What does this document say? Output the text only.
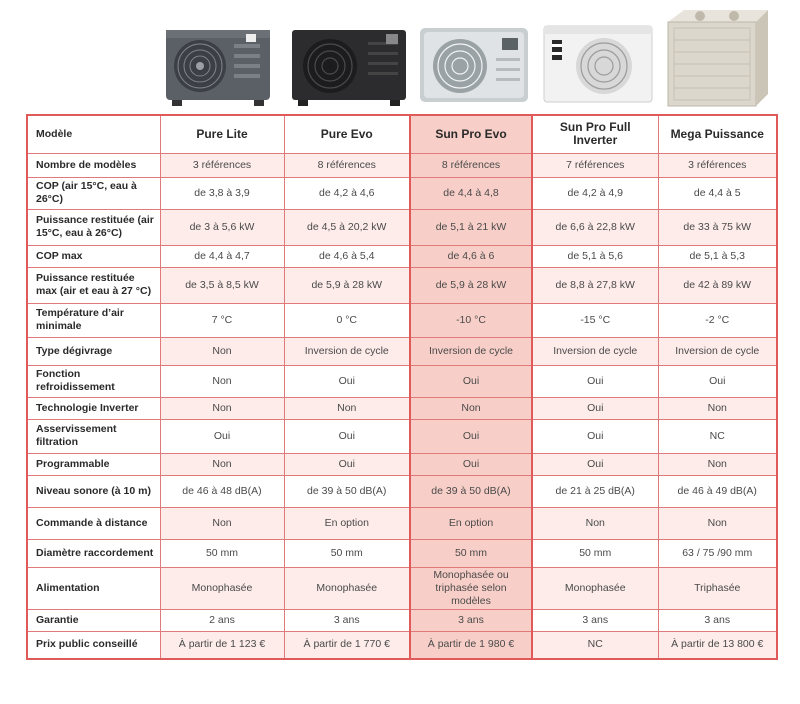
Modèle	Pure Lite	Pure Evo	Sun Pro Evo	Sun Pro Full Inverter	Mega Puissance
Nombre de modèles	3 références	8 références	8 références	7 références	3 références
COP (air 15°C, eau à 26°C)	de 3,8 à 3,9	de 4,2 à 4,6	de 4,4 à 4,8	de 4,2 à 4,9	de 4,4 à 5
Puissance restituée (air 15°C, eau à 26°C)	de 3 à 5,6 kW	de 4,5 à 20,2 kW	de 5,1 à 21 kW	de 6,6 à 22,8 kW	de 33 à 75 kW
COP max	de 4,4 à 4,7	de 4,6 à 5,4	de 4,6 à 6	de 5,1 à 5,6	de 5,1 à 5,3
Puissance restituée max (air et eau à 27 °C)	de 3,5 à 8,5 kW	de 5,9 à 28 kW	de 5,9 à 28 kW	de 8,8 à 27,8 kW	de 42 à 89 kW
Température d’air minimale	7 °C	0 °C	-10 °C	-15 °C	-2 °C
Type dégivrage	Non	Inversion de cycle	Inversion de cycle	Inversion de cycle	Inversion de cycle
Fonction refroidissement	Non	Oui	Oui	Oui	Oui
Technologie Inverter	Non	Non	Non	Oui	Non
Asservissement filtration	Oui	Oui	Oui	Oui	NC
Programmable	Non	Oui	Oui	Oui	Non
Niveau sonore (à 10 m)	de 46 à 48 dB(A)	de 39 à 50 dB(A)	de 39 à 50 dB(A)	de 21 à 25 dB(A)	de 46 à 49 dB(A)
Commande à distance	Non	En option	En option	Non	Non
Diamètre raccordement	50 mm	50 mm	50 mm	50 mm	63 / 75 /90 mm
Alimentation	Monophasée	Monophasée	Monophasée ou triphasée selon modèles	Monophasée	Triphasée
Garantie	2 ans	3 ans	3 ans	3 ans	3 ans
Prix public conseillé	À partir de 1 123 €	À partir de 1 770 €	À partir de 1 980 €	NC	À partir de 13 800 €
